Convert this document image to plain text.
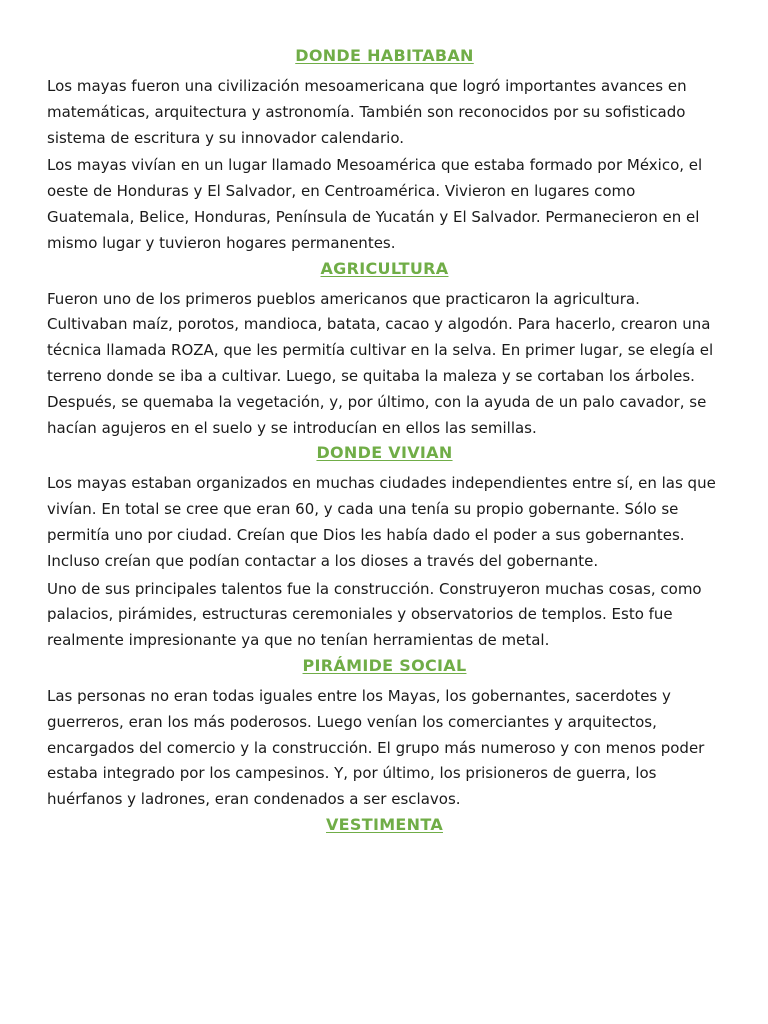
DONDE HABITABAN

Los mayas fueron una civilización mesoamericana que logró importantes avances en matemáticas, arquitectura y astronomía. También son reconocidos por su sofisticado sistema de escritura y su innovador calendario.

Los mayas vivían en un lugar llamado Mesoamérica que estaba formado por México, el oeste de Honduras y El Salvador, en Centroamérica. Vivieron en lugares como Guatemala, Belice, Honduras, Península de Yucatán y El Salvador. Permanecieron en el mismo lugar y tuvieron hogares permanentes.

AGRICULTURA

Fueron uno de los primeros pueblos americanos que practicaron la agricultura. Cultivaban maíz, porotos, mandioca, batata, cacao y algodón. Para hacerlo, crearon una técnica llamada ROZA, que les permitía cultivar en la selva. En primer lugar, se elegía el terreno donde se iba a cultivar. Luego, se quitaba la maleza y se cortaban los árboles. Después, se quemaba la vegetación, y, por último, con la ayuda de un palo cavador, se hacían agujeros en el suelo y se introducían en ellos las semillas.

DONDE VIVIAN

Los mayas estaban organizados en muchas ciudades independientes entre sí, en las que vivían. En total se cree que eran 60, y cada una tenía su propio gobernante. Sólo se permitía uno por ciudad. Creían que Dios les había dado el poder a sus gobernantes. Incluso creían que podían contactar a los dioses a través del gobernante.

Uno de sus principales talentos fue la construcción. Construyeron muchas cosas, como palacios, pirámides, estructuras ceremoniales y observatorios de templos. Esto fue realmente impresionante ya que no tenían herramientas de metal.

PIRÁMIDE SOCIAL

Las personas no eran todas iguales entre los Mayas, los gobernantes, sacerdotes y guerreros, eran los más poderosos. Luego venían los comerciantes y arquitectos, encargados del comercio y la construcción. El grupo más numeroso y con menos poder estaba integrado por los campesinos. Y, por último, los prisioneros de guerra, los huérfanos y ladrones, eran condenados a ser esclavos.

VESTIMENTA
